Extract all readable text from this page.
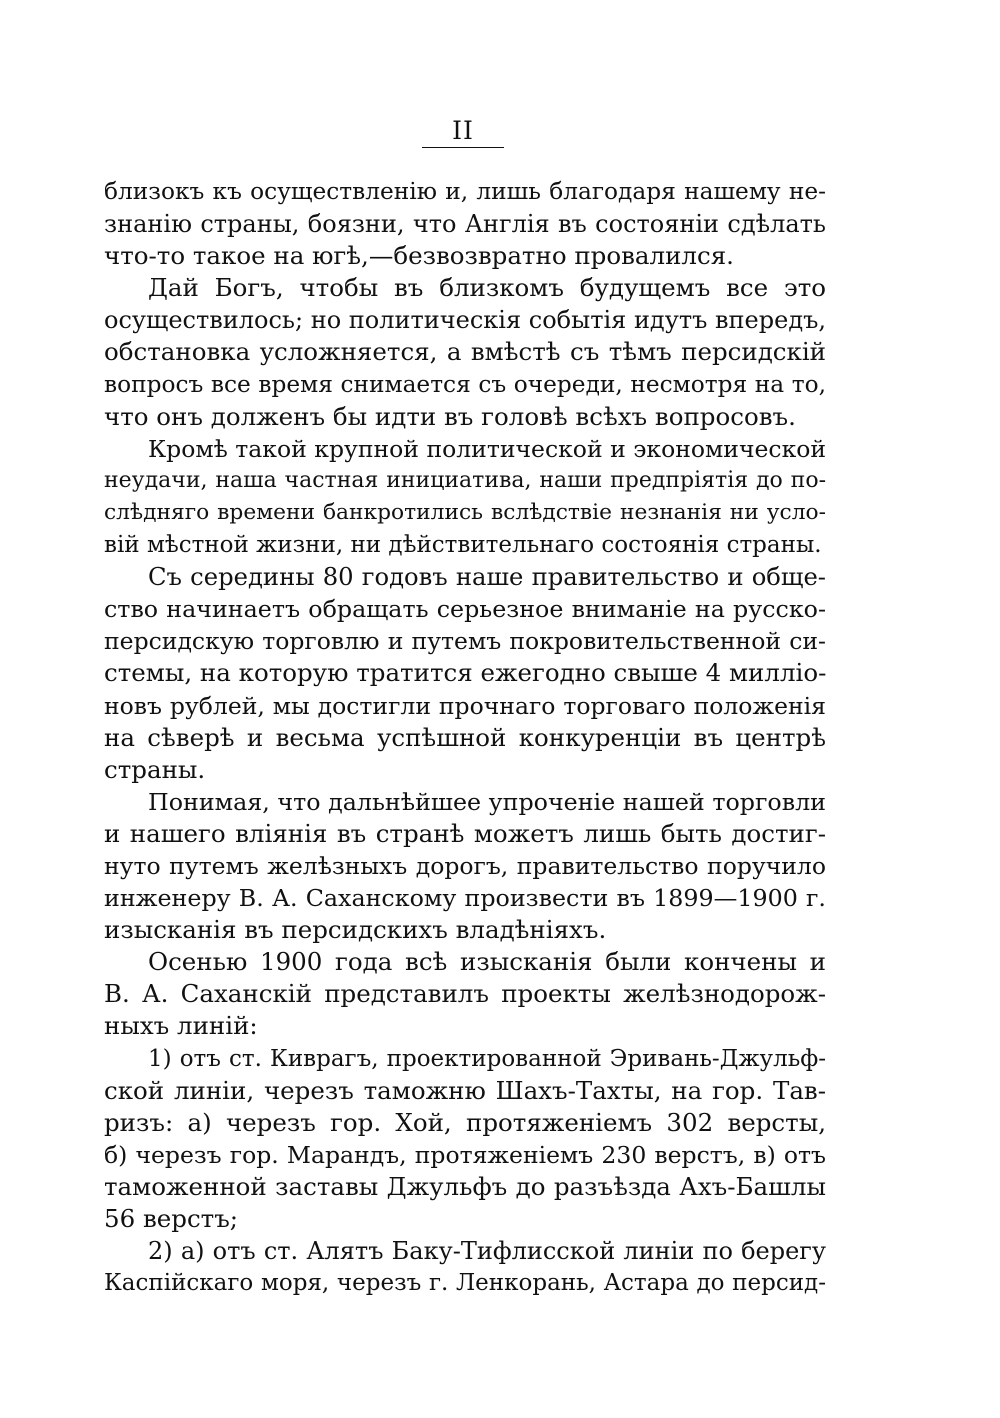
II
близокъ къ осуществленію и, лишь благодаря нашему не-
знанію страны, боязни, что Англія въ состояніи сдѣлать
что-то такое на югѣ,—безвозвратно провалился.
Дай Богъ, чтобы въ близкомъ будущемъ все это
осуществилось; но политическія событія идутъ впередъ,
обстановка усложняется, а вмѣстѣ съ тѣмъ персидскій
вопросъ все время снимается съ очереди, несмотря на то,
что онъ долженъ бы идти въ головѣ всѣхъ вопросовъ.
Кромѣ такой крупной политической и экономической
неудачи, наша частная инициатива, наши предпріятія до по-
слѣдняго времени банкротились вслѣдствіе незнанія ни усло-
вій мѣстной жизни, ни дѣйствительнаго состоянія страны.
Съ середины 80 годовъ наше правительство и обще-
ство начинаетъ обращать серьезное вниманіе на русско-
персидскую торговлю и путемъ покровительственной си-
стемы, на которую тратится ежегодно свыше 4 милліо-
новъ рублей, мы достигли прочнаго торговаго положенія
на сѣверѣ и весьма успѣшной конкуренціи въ центрѣ
страны.
Понимая, что дальнѣйшее упроченіе нашей торговли
и нашего вліянія въ странѣ можетъ лишь быть достиг-
нуто путемъ желѣзныхъ дорогъ, правительство поручило
инженеру В. А. Саханскому произвести въ 1899—1900 г.
изысканія въ персидскихъ владѣніяхъ.
Осенью 1900 года всѣ изысканія были кончены и
В. А. Саханскій представилъ проекты желѣзнодорож-
ныхъ линій:
1) отъ ст. Киврагъ, проектированной Эривань-Джульф-
ской линіи, черезъ таможню Шахъ-Тахты, на гор. Тав-
ризъ: а) черезъ гор. Хой, протяженіемъ 302 версты,
б) черезъ гор. Марандъ, протяженіемъ 230 верстъ, в) отъ
таможенной заставы Джульфъ до разъѣзда Ахъ-Башлы
56 верстъ;
2) а) отъ ст. Алятъ Баку-Тифлисской линіи по берегу
Каспійскаго моря, черезъ г. Ленкорань, Астара до персид-
